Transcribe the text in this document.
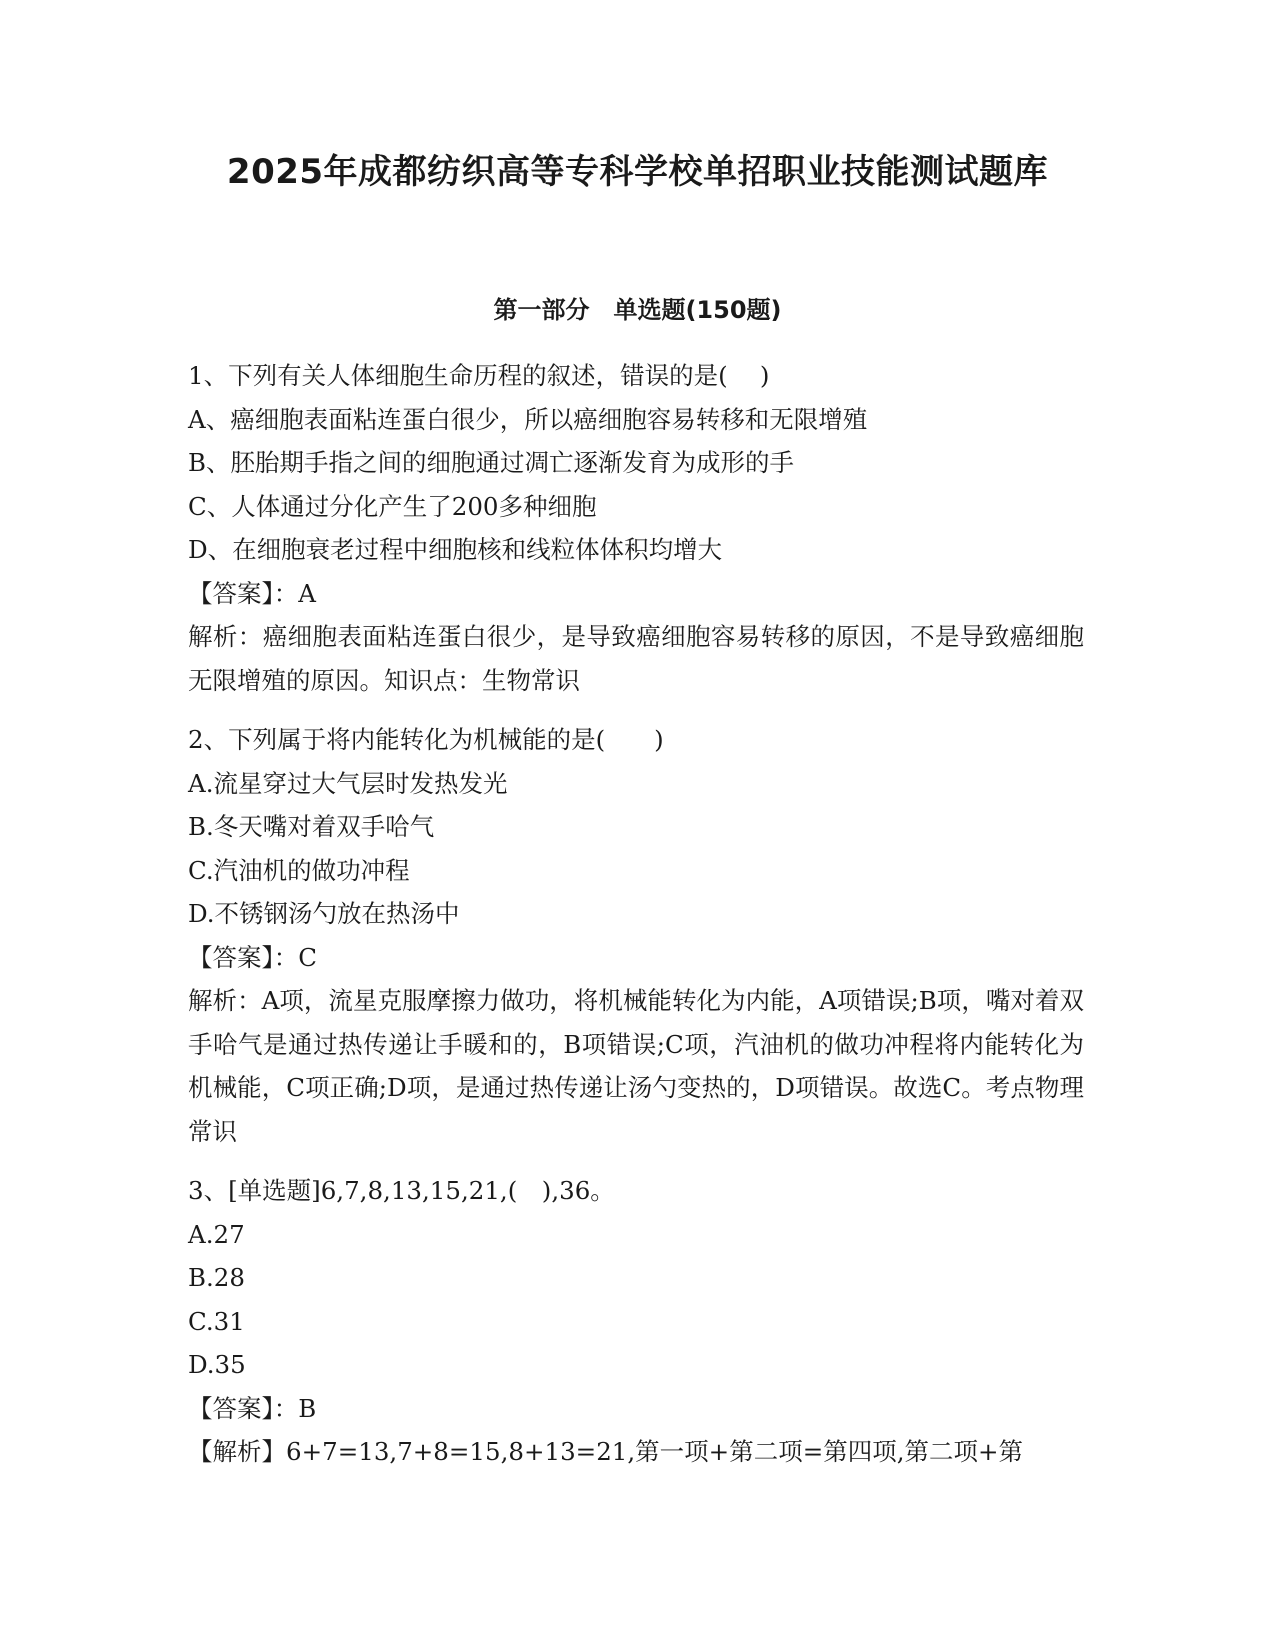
2025年成都纺织高等专科学校单招职业技能测试题库
第一部分　单选题(150题)
1、下列有关人体细胞生命历程的叙述，错误的是(　 )
A、癌细胞表面粘连蛋白很少，所以癌细胞容易转移和无限增殖
B、胚胎期手指之间的细胞通过凋亡逐渐发育为成形的手
C、人体通过分化产生了200多种细胞
D、在细胞衰老过程中细胞核和线粒体体积均增大
【答案】：A
解析：癌细胞表面粘连蛋白很少，是导致癌细胞容易转移的原因，不是导致癌细胞无限增殖的原因。知识点：生物常识
2、下列属于将内能转化为机械能的是(　　)
A.流星穿过大气层时发热发光
B.冬天嘴对着双手哈气
C.汽油机的做功冲程
D.不锈钢汤勺放在热汤中
【答案】：C
解析：A项，流星克服摩擦力做功，将机械能转化为内能，A项错误;B项，嘴对着双手哈气是通过热传递让手暖和的，B项错误;C项，汽油机的做功冲程将内能转化为机械能，C项正确;D项，是通过热传递让汤勺变热的，D项错误。故选C。考点物理常识
3、[单选题]6,7,8,13,15,21,(　),36。
A.27
B.28
C.31
D.35
【答案】：B
【解析】6+7=13,7+8=15,8+13=21,第一项+第二项=第四项,第二项+第
